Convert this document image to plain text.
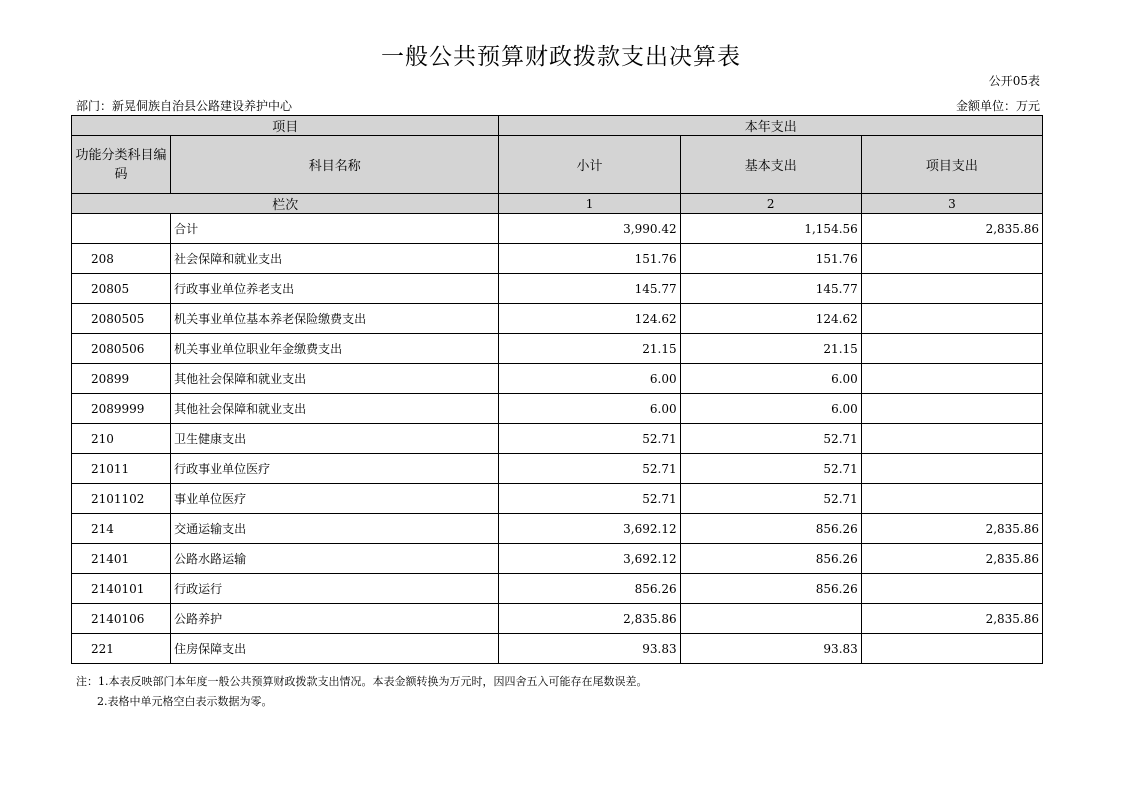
一般公共预算财政拨款支出决算表
公开05表
部门：新晃侗族自治县公路建设养护中心	金额单位：万元
项目		本年支出		
功能分类科目编码	科目名称	小计	基本支出	项目支出
栏次		1	2	3
	合计	3,990.42	1,154.56	2,835.86
208	社会保障和就业支出	151.76	151.76	
20805	行政事业单位养老支出	145.77	145.77	
2080505	机关事业单位基本养老保险缴费支出	124.62	124.62	
2080506	机关事业单位职业年金缴费支出	21.15	21.15	
20899	其他社会保障和就业支出	6.00	6.00	
2089999	其他社会保障和就业支出	6.00	6.00	
210	卫生健康支出	52.71	52.71	
21011	行政事业单位医疗	52.71	52.71	
2101102	事业单位医疗	52.71	52.71	
214	交通运输支出	3,692.12	856.26	2,835.86
21401	公路水路运输	3,692.12	856.26	2,835.86
2140101	行政运行	856.26	856.26	
2140106	公路养护	2,835.86		2,835.86
221	住房保障支出	93.83	93.83	
注：1.本表反映部门本年度一般公共预算财政拨款支出情况。本表金额转换为万元时，因四舍五入可能存在尾数误差。
2.表格中单元格空白表示数据为零。
